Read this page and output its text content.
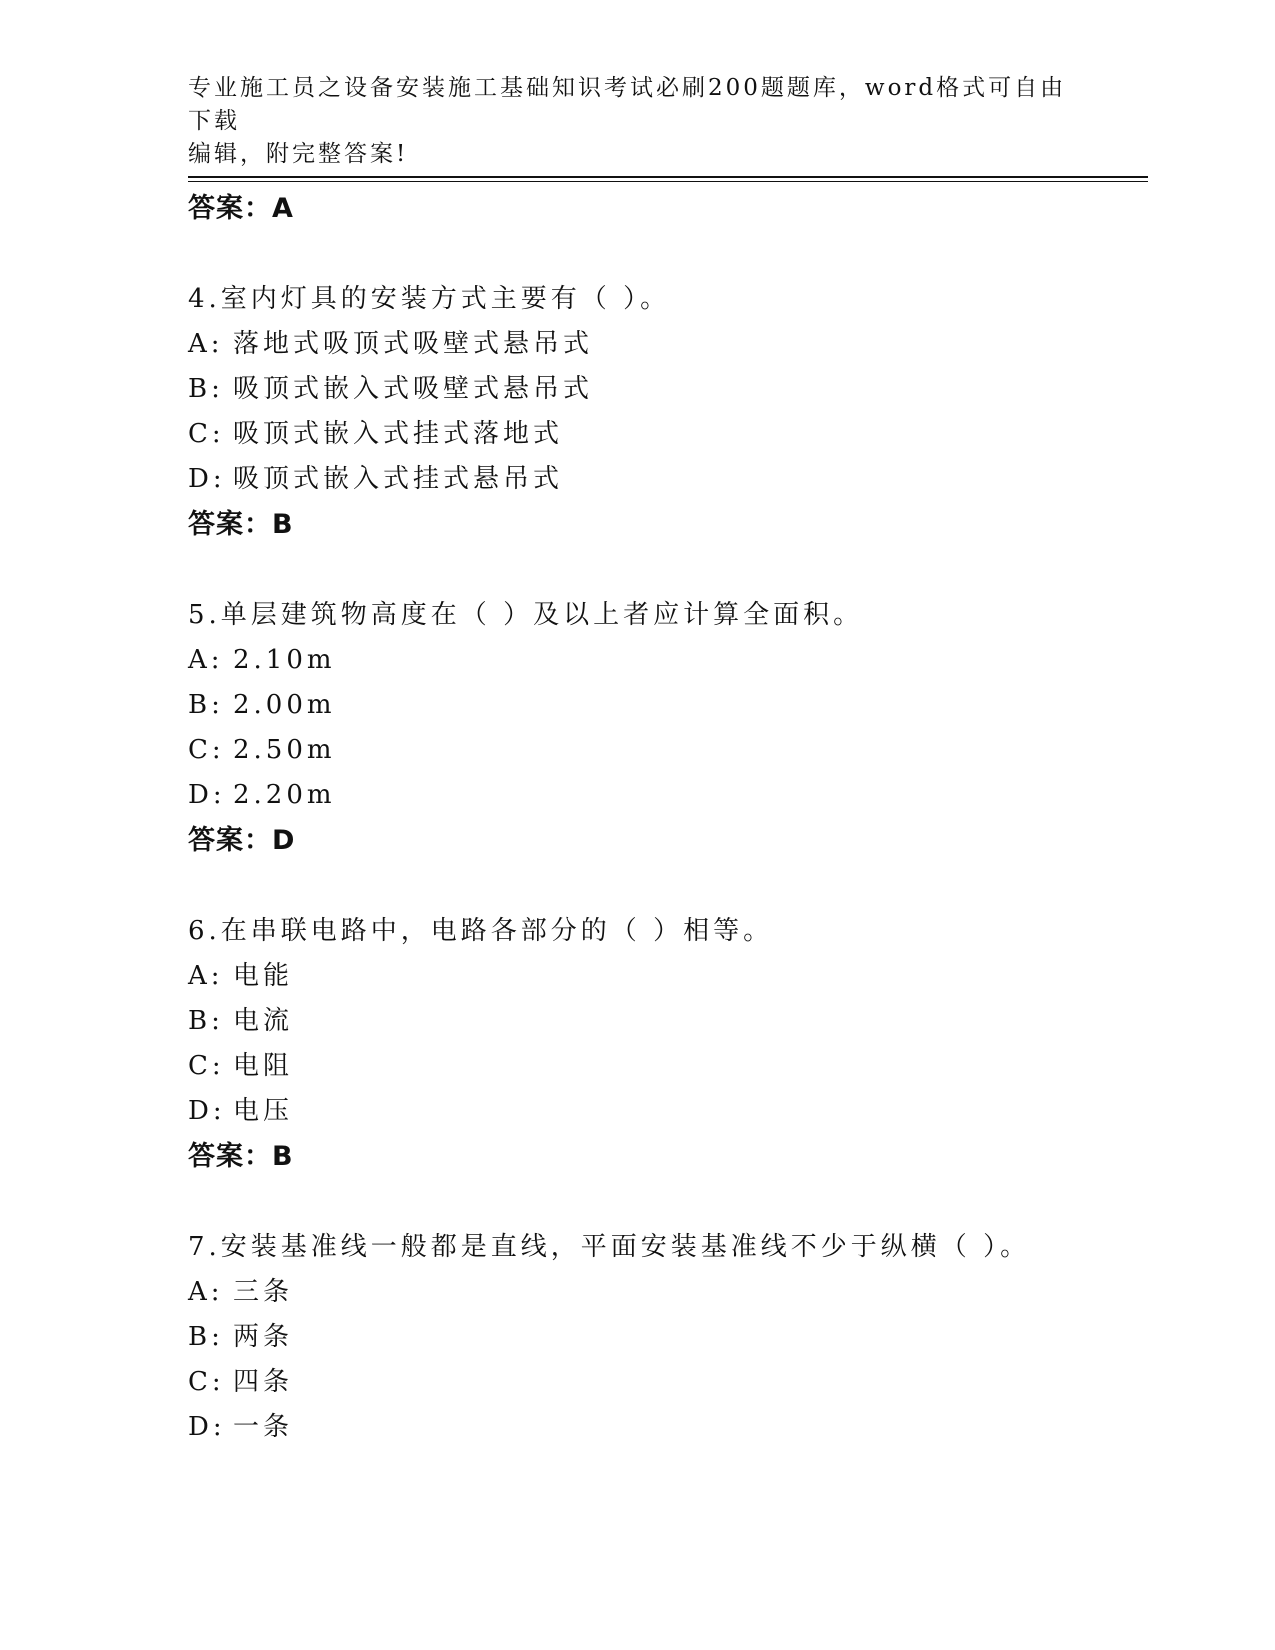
专业施工员之设备安装施工基础知识考试必刷200题题库，word格式可自由下载
编辑，附完整答案!
答案：A
4.室内灯具的安装方式主要有（ ）。
A: 落地式吸顶式吸壁式悬吊式
B: 吸顶式嵌入式吸壁式悬吊式
C: 吸顶式嵌入式挂式落地式
D: 吸顶式嵌入式挂式悬吊式
答案：B
5.单层建筑物高度在（ ）及以上者应计算全面积。
A: 2.10m
B: 2.00m
C: 2.50m
D: 2.20m
答案：D
6.在串联电路中，电路各部分的（ ）相等。
A: 电能
B: 电流
C: 电阻
D: 电压
答案：B
7.安装基准线一般都是直线，平面安装基准线不少于纵横（ ）。
A: 三条
B: 两条
C: 四条
D: 一条
